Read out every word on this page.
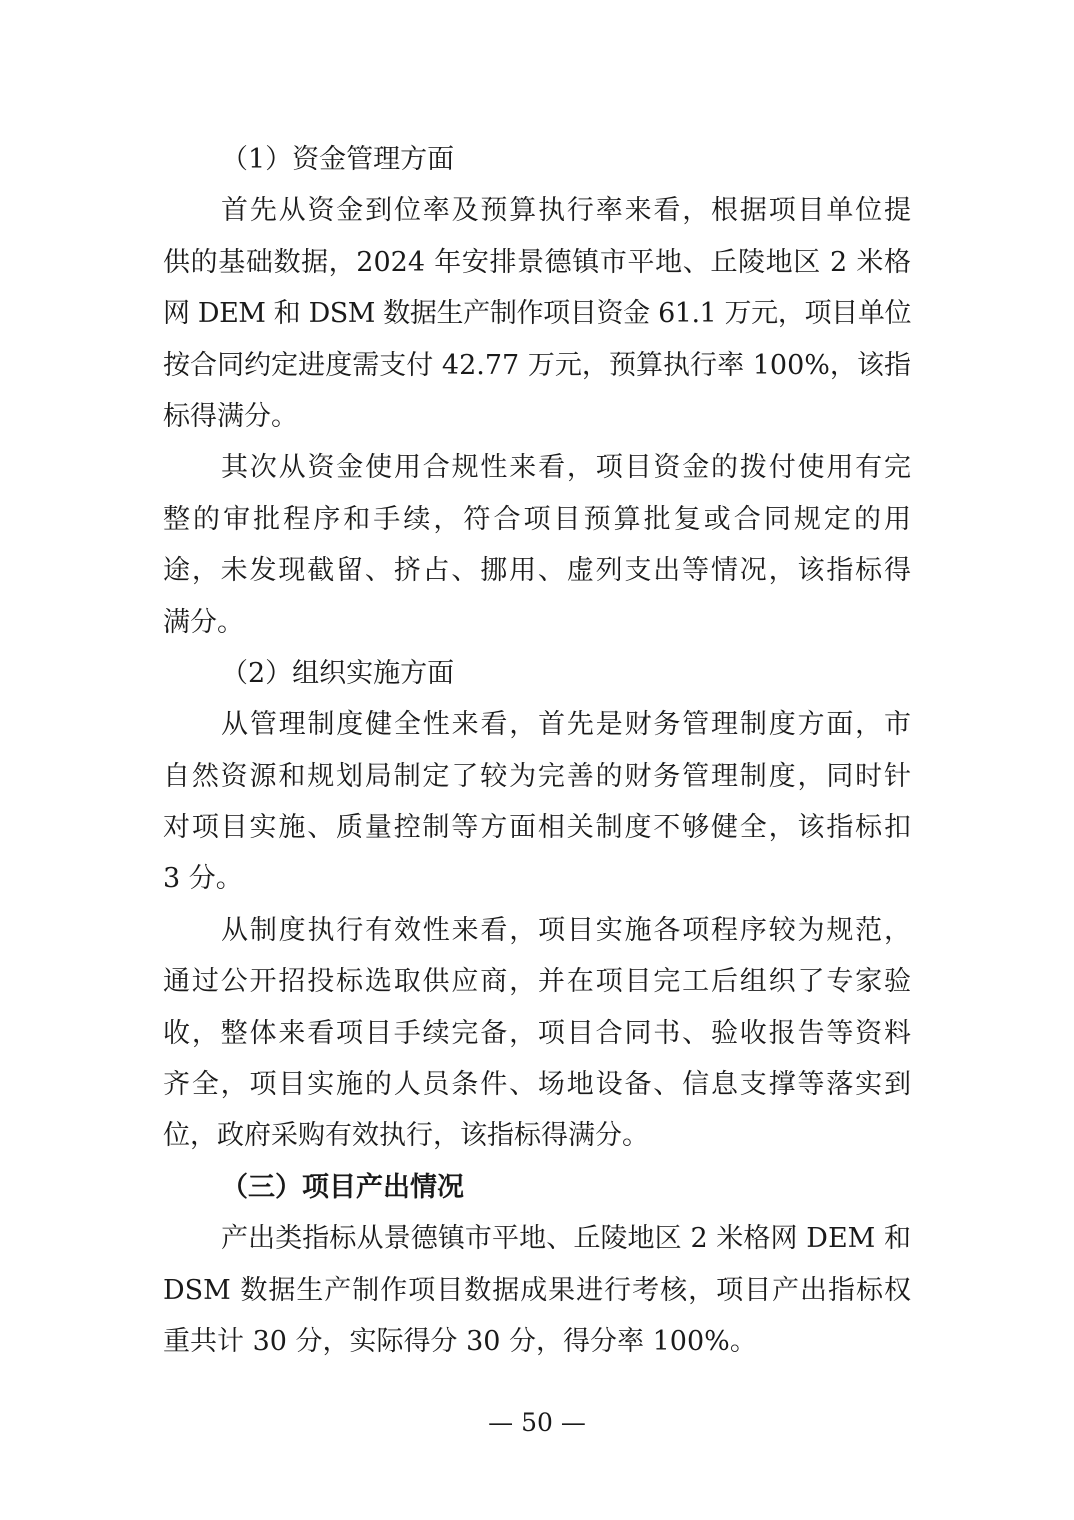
（1）资金管理方面
首先从资金到位率及预算执行率来看，根据项目单位提
供的基础数据，2024 年安排景德镇市平地、丘陵地区 2 米格
网 DEM 和 DSM 数据生产制作项目资金 61.1 万元，项目单位
按合同约定进度需支付 42.77 万元，预算执行率 100%，该指
标得满分。
其次从资金使用合规性来看，项目资金的拨付使用有完
整的审批程序和手续，符合项目预算批复或合同规定的用
途，未发现截留、挤占、挪用、虚列支出等情况，该指标得
满分。
（2）组织实施方面
从管理制度健全性来看，首先是财务管理制度方面，市
自然资源和规划局制定了较为完善的财务管理制度，同时针
对项目实施、质量控制等方面相关制度不够健全，该指标扣
3 分。
从制度执行有效性来看，项目实施各项程序较为规范，
通过公开招投标选取供应商，并在项目完工后组织了专家验
收，整体来看项目手续完备，项目合同书、验收报告等资料
齐全，项目实施的人员条件、场地设备、信息支撑等落实到
位，政府采购有效执行，该指标得满分。
（三）项目产出情况
产出类指标从景德镇市平地、丘陵地区 2 米格网 DEM 和
DSM 数据生产制作项目数据成果进行考核，项目产出指标权
重共计 30 分，实际得分 30 分，得分率 100%。
— 50 —
